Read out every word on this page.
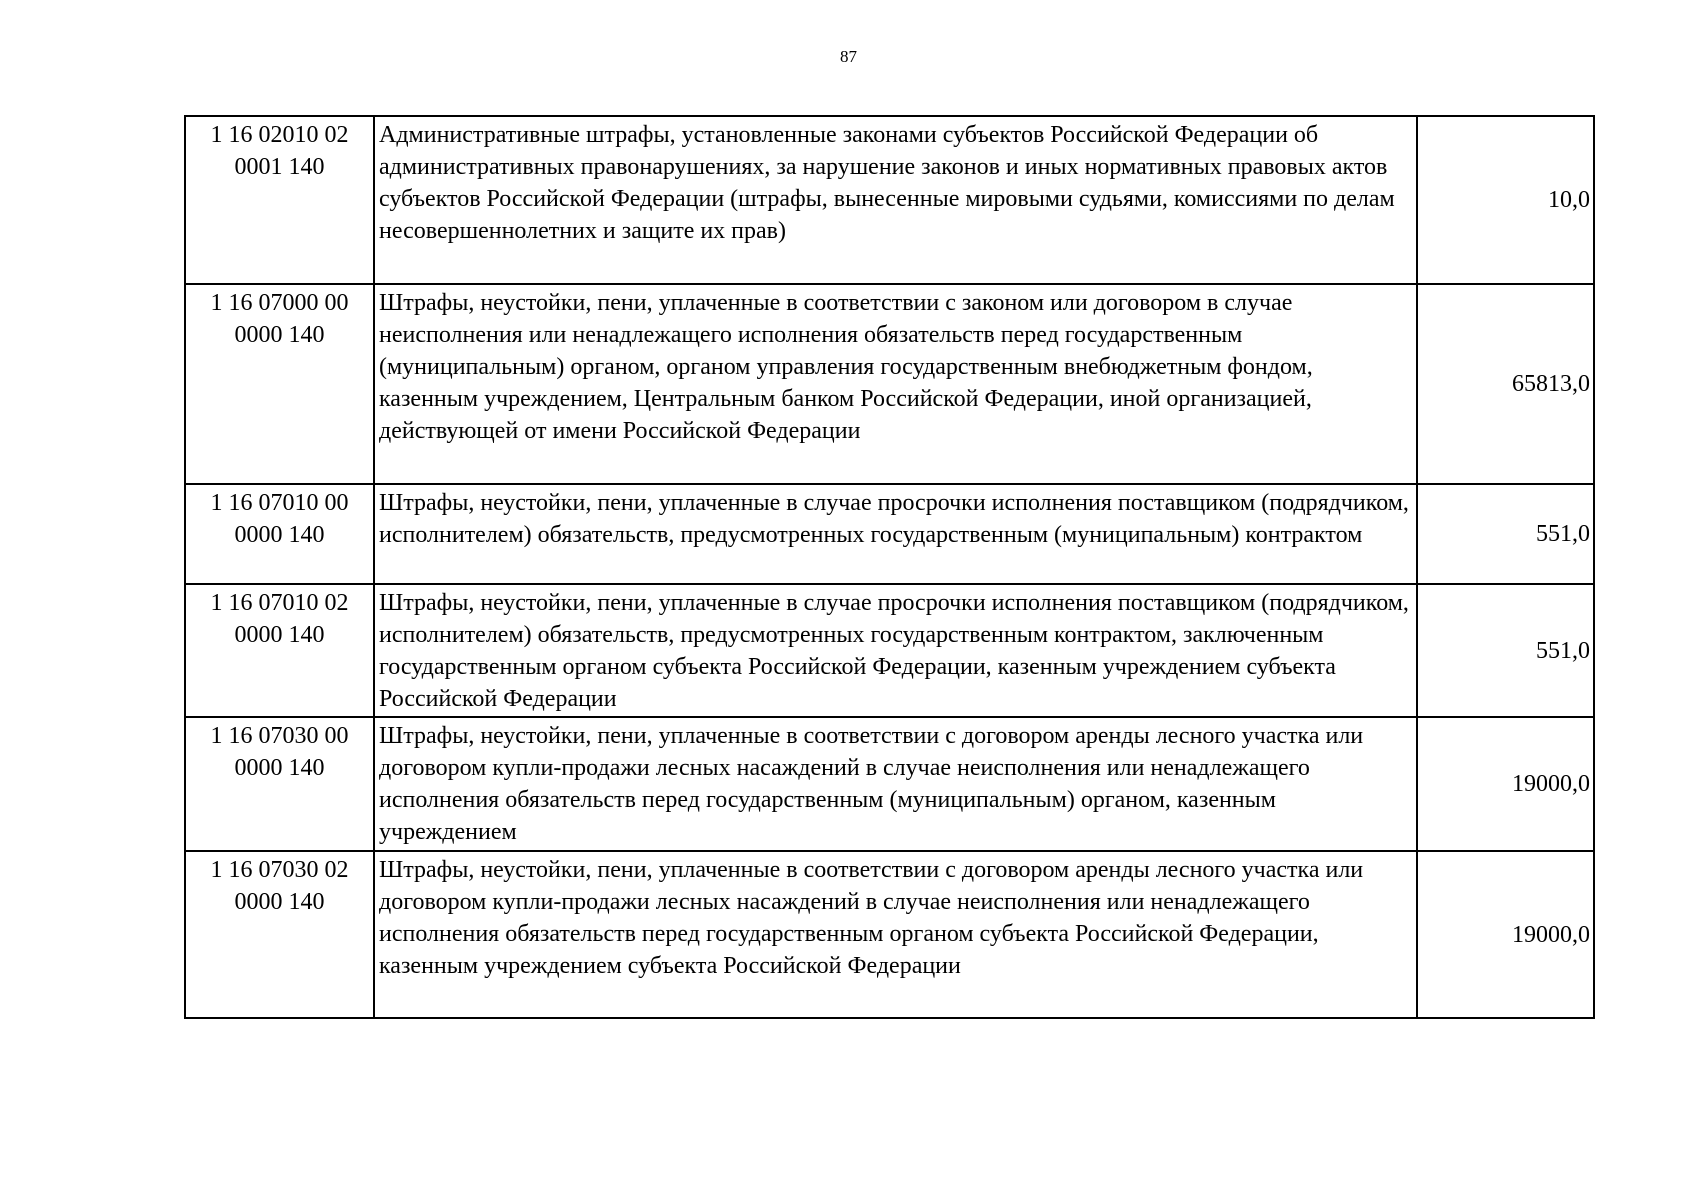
87
1 16 02010 02
0001 140	Административные штрафы, установленные законами субъектов Российской Федерации об административных правонарушениях, за нарушение законов и иных нормативных правовых актов субъектов Российской Федерации (штрафы, вынесенные мировыми судьями, комиссиями по делам несовершеннолетних и защите их прав)	10,0

1 16 07000 00
0000 140	Штрафы, неустойки, пени, уплаченные в соответствии с законом или договором в случае неисполнения или ненадлежащего исполнения обязательств перед государственным (муниципальным) органом, органом управления государственным внебюджетным фондом, казенным учреждением, Центральным банком Российской Федерации, иной организацией, действующей от имени Российской Федерации	65813,0

1 16 07010 00
0000 140	Штрафы, неустойки, пени, уплаченные в случае просрочки исполнения поставщиком (подрядчиком, исполнителем) обязательств, предусмотренных государственным (муниципальным) контрактом	551,0

1 16 07010 02
0000 140	Штрафы, неустойки, пени, уплаченные в случае просрочки исполнения поставщиком (подрядчиком, исполнителем) обязательств, предусмотренных государственным контрактом, заключенным государственным органом субъекта Российской Федерации, казенным учреждением субъекта Российской Федерации	551,0

1 16 07030 00
0000 140	Штрафы, неустойки, пени, уплаченные в соответствии с договором аренды лесного участка или договором купли-продажи лесных насаждений в случае неисполнения или ненадлежащего исполнения обязательств перед государственным (муниципальным) органом, казенным учреждением	19000,0

1 16 07030 02
0000 140	Штрафы, неустойки, пени, уплаченные в соответствии с договором аренды лесного участка или договором купли-продажи лесных насаждений в случае неисполнения или ненадлежащего исполнения обязательств перед государственным органом субъекта Российской Федерации, казенным учреждением субъекта Российской Федерации	19000,0
